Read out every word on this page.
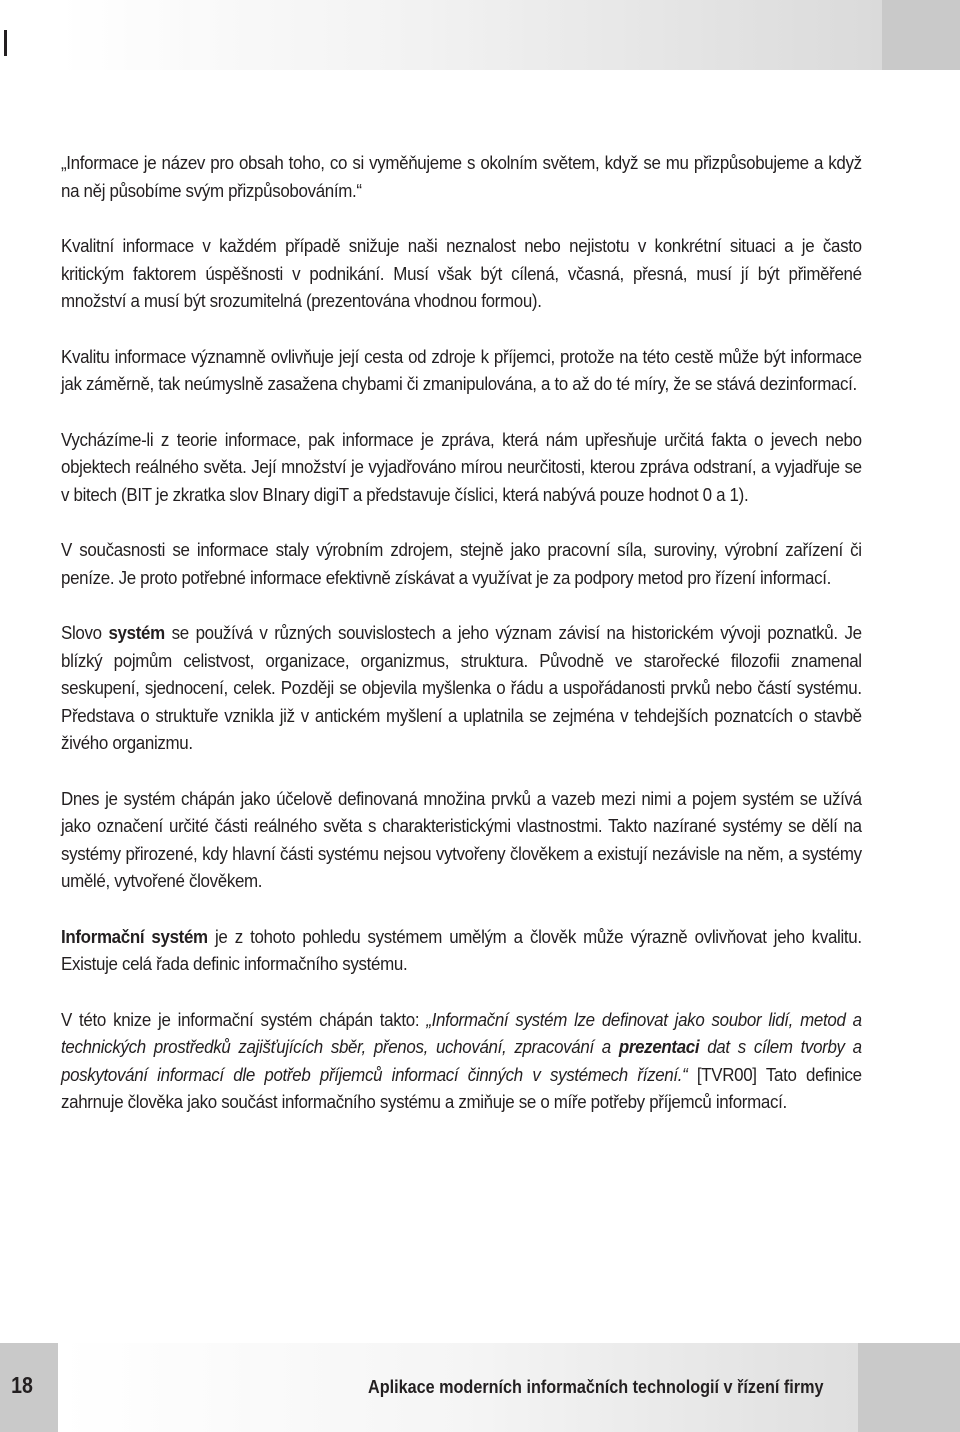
„Informace je název pro obsah toho, co si vyměňujeme s okolním světem, když se mu přizpůsobujeme a když na něj působíme svým přizpůsobováním.“

Kvalitní informace v každém případě snižuje naši neznalost nebo nejistotu v konkrétní situaci a je často kritickým faktorem úspěšnosti v podnikání. Musí však být cílená, včasná, přesná, musí jí být přiměřené množství a musí být srozumitelná (prezentována vhodnou formou).

Kvalitu informace významně ovlivňuje její cesta od zdroje k příjemci, protože na této cestě může být informace jak záměrně, tak neúmyslně zasažena chybami či zmanipulována, a to až do té míry, že se stává dezinformací.

Vycházíme-li z teorie informace, pak informace je zpráva, která nám upřesňuje určitá fakta o jevech nebo objektech reálného světa. Její množství je vyjadřováno mírou neurčitosti, kterou zpráva odstraní, a vyjadřuje se v bitech (BIT je zkratka slov BInary digiT a představuje číslici, která nabývá pouze hodnot 0 a 1).

V současnosti se informace staly výrobním zdrojem, stejně jako pracovní síla, suroviny, výrobní zařízení či peníze. Je proto potřebné informace efektivně získávat a využívat je za podpory metod pro řízení informací.

Slovo systém se používá v různých souvislostech a jeho význam závisí na historickém vývoji poznatků. Je blízký pojmům celistvost, organizace, organizmus, struktura. Původně ve starořecké filozofii znamenal seskupení, sjednocení, celek. Později se objevila myšlenka o řádu a uspořádanosti prvků nebo částí systému. Představa o struktuře vznikla již v antickém myšlení a uplatnila se zejména v tehdejších poznatcích o stavbě živého organizmu.

Dnes je systém chápán jako účelově definovaná množina prvků a vazeb mezi nimi a pojem systém se užívá jako označení určité části reálného světa s charakteristickými vlastnostmi. Takto nazírané systémy se dělí na systémy přirozené, kdy hlavní části systému nejsou vytvořeny člověkem a existují nezávisle na něm, a systémy umělé, vytvořené člověkem.

Informační systém je z tohoto pohledu systémem umělým a člověk může výrazně ovlivňovat jeho kvalitu. Existuje celá řada definic informačního systému.

V této knize je informační systém chápán takto: „Informační systém lze definovat jako soubor lidí, metod a technických prostředků zajišťujících sběr, přenos, uchování, zpracování a prezentaci dat s cílem tvorby a poskytování informací dle potřeb příjemců informací činných v systémech řízení.“ [TVR00] Tato definice zahrnuje člověka jako součást informačního systému a zmiňuje se o míře potřeby příjemců informací.

18	Aplikace moderních informačních technologií v řízení firmy
